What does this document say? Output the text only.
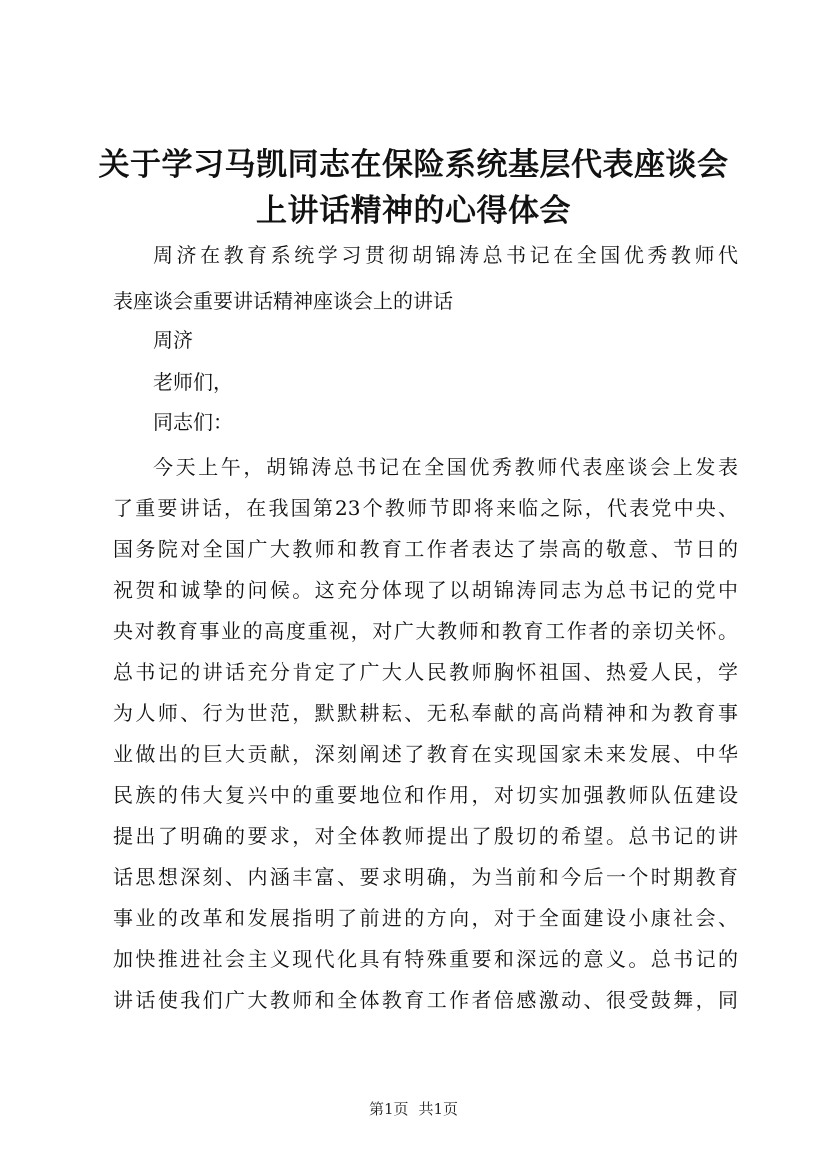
关于学习马凯同志在保险系统基层代表座谈会
上讲话精神的心得体会
周济在教育系统学习贯彻胡锦涛总书记在全国优秀教师代
表座谈会重要讲话精神座谈会上的讲话
周济
老师们，
同志们：
今天上午，胡锦涛总书记在全国优秀教师代表座谈会上发表
了重要讲话，在我国第23个教师节即将来临之际，代表党中央、
国务院对全国广大教师和教育工作者表达了崇高的敬意、节日的
祝贺和诚挚的问候。这充分体现了以胡锦涛同志为总书记的党中
央对教育事业的高度重视，对广大教师和教育工作者的亲切关怀。
总书记的讲话充分肯定了广大人民教师胸怀祖国、热爱人民，学
为人师、行为世范，默默耕耘、无私奉献的高尚精神和为教育事
业做出的巨大贡献，深刻阐述了教育在实现国家未来发展、中华
民族的伟大复兴中的重要地位和作用，对切实加强教师队伍建设
提出了明确的要求，对全体教师提出了殷切的希望。总书记的讲
话思想深刻、内涵丰富、要求明确，为当前和今后一个时期教育
事业的改革和发展指明了前进的方向，对于全面建设小康社会、
加快推进社会主义现代化具有特殊重要和深远的意义。总书记的
讲话使我们广大教师和全体教育工作者倍感激动、很受鼓舞，同
第1页 共1页
